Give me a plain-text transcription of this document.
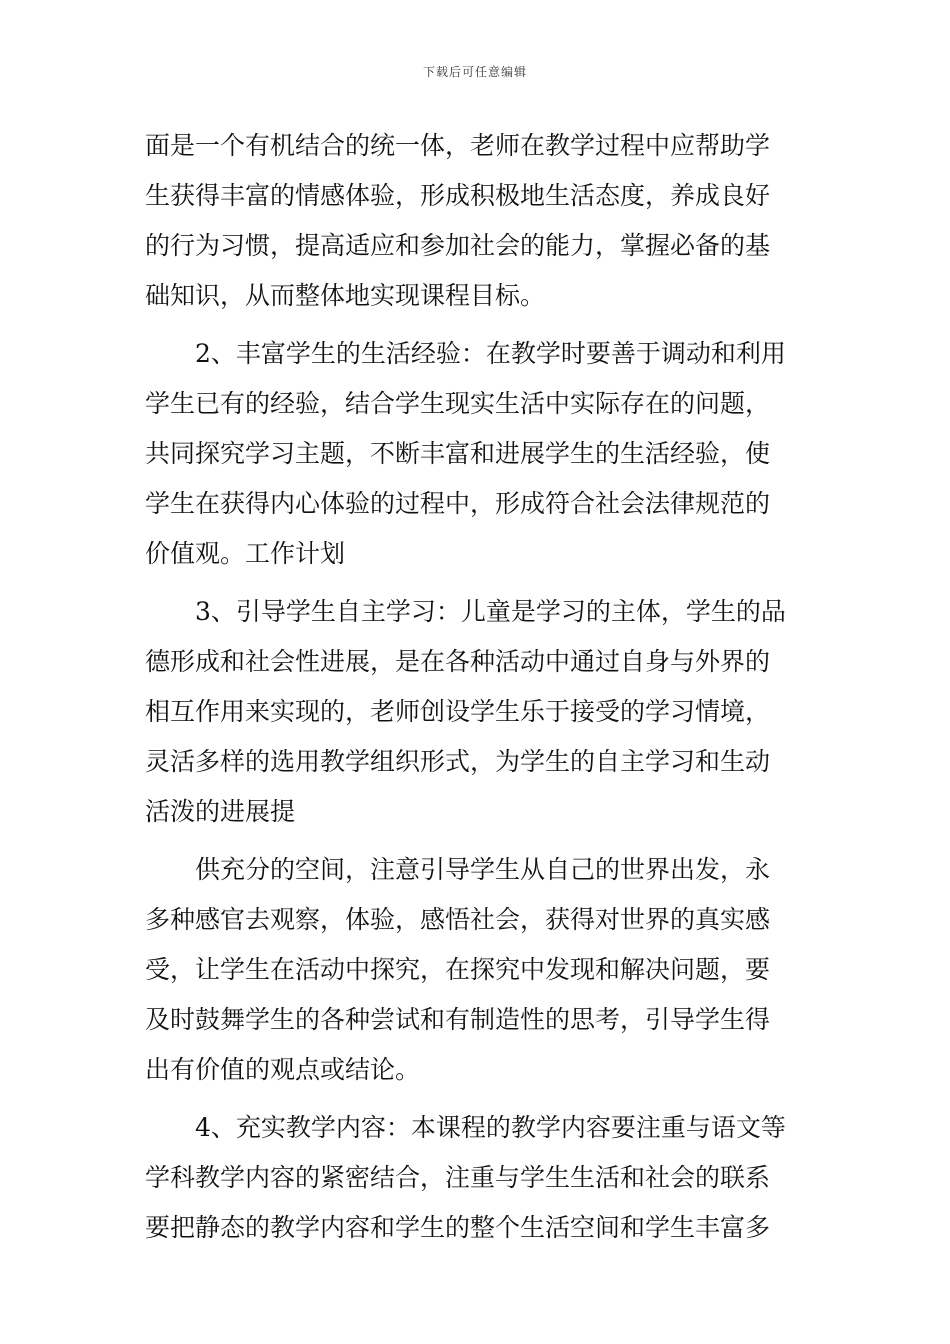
下载后可任意编辑
面是一个有机结合的统一体，老师在教学过程中应帮助学
生获得丰富的情感体验，形成积极地生活态度，养成良好
的行为习惯，提高适应和参加社会的能力，掌握必备的基
础知识，从而整体地实现课程目标。
2、丰富学生的生活经验：在教学时要善于调动和利用
学生已有的经验，结合学生现实生活中实际存在的问题，
共同探究学习主题，不断丰富和进展学生的生活经验，使
学生在获得内心体验的过程中，形成符合社会法律规范的
价值观。工作计划
3、引导学生自主学习：儿童是学习的主体，学生的品
德形成和社会性进展，是在各种活动中通过自身与外界的
相互作用来实现的，老师创设学生乐于接受的学习情境，
灵活多样的选用教学组织形式，为学生的自主学习和生动
活泼的进展提
供充分的空间，注意引导学生从自己的世界出发，永
多种感官去观察，体验，感悟社会，获得对世界的真实感
受，让学生在活动中探究，在探究中发现和解决问题，要
及时鼓舞学生的各种尝试和有制造性的思考，引导学生得
出有价值的观点或结论。
4、充实教学内容：本课程的教学内容要注重与语文等
学科教学内容的紧密结合，注重与学生生活和社会的联系
要把静态的教学内容和学生的整个生活空间和学生丰富多
